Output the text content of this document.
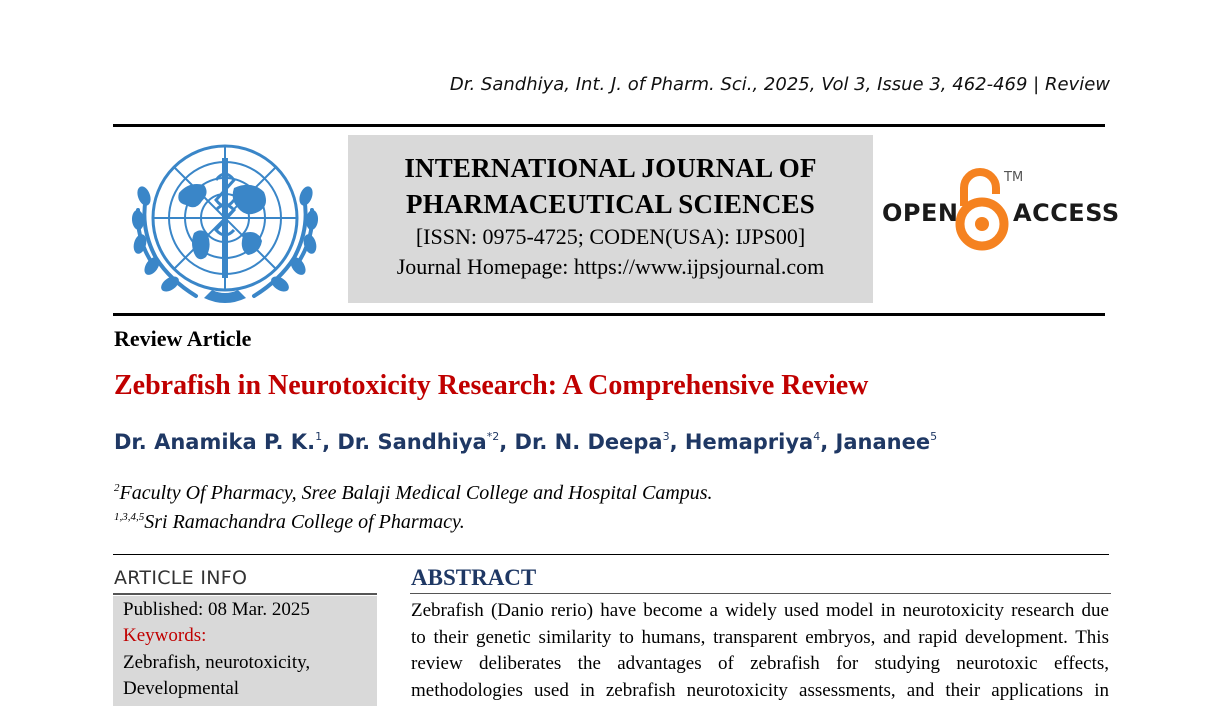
Dr. Sandhiya, Int. J. of Pharm. Sci., 2025, Vol 3, Issue 3, 462-469 | Review
INTERNATIONAL JOURNAL OF
PHARMACEUTICAL SCIENCES
[ISSN: 0975-4725; CODEN(USA): IJPS00]
Journal Homepage: https://www.ijpsjournal.com
OPEN
TM
ACCESS
Review Article
Zebrafish in Neurotoxicity Research: A Comprehensive Review
Dr. Anamika P. K.$^1$, Dr. Sandhiya$^{*2}$, Dr. N. Deepa$^3$, Hemapriya$^4$, Jananee$^5$
$^2$Faculty Of Pharmacy, Sree Balaji Medical College and Hospital Campus.
$^{1,3,4,5}$Sri Ramachandra College of Pharmacy.
ARTICLE INFO
Published: 08 Mar. 2025
Keywords:
Zebrafish, neurotoxicity,
Developmental
ABSTRACT
Zebrafish (Danio rerio) have become a widely used model in neurotoxicity research due
to their genetic similarity to humans, transparent embryos, and rapid development. This
review deliberates the advantages of zebrafish for studying neurotoxic effects,
methodologies used in zebrafish neurotoxicity assessments, and their applications in
